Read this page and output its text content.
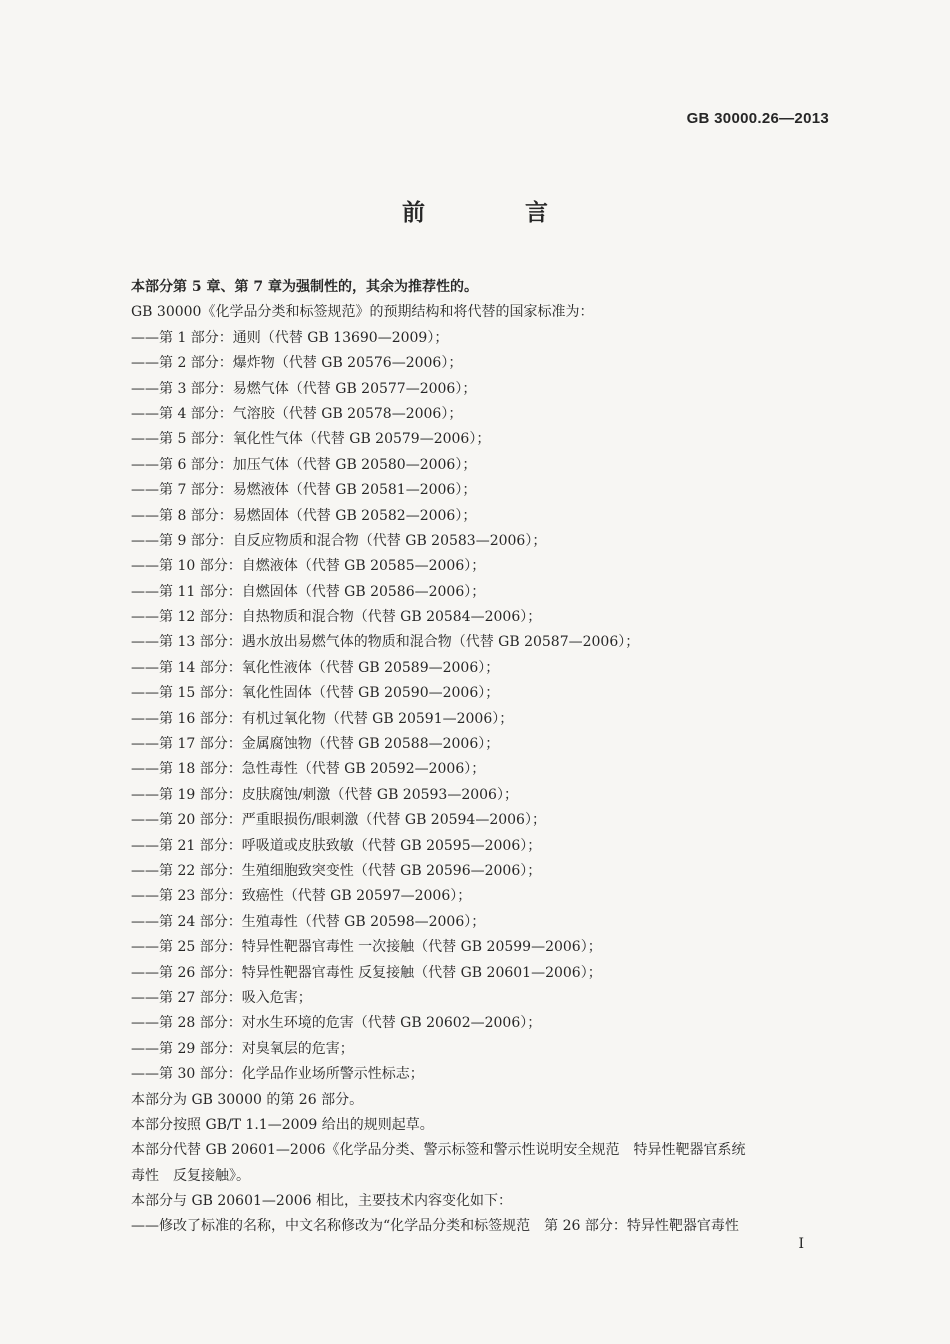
GB 30000.26—2013
前 言
本部分第 5 章、第 7 章为强制性的，其余为推荐性的。
GB 30000《化学品分类和标签规范》的预期结构和将代替的国家标准为：
——第 1 部分：通则（代替 GB 13690—2009）；
——第 2 部分：爆炸物（代替 GB 20576—2006）；
——第 3 部分：易燃气体（代替 GB 20577—2006）；
——第 4 部分：气溶胶（代替 GB 20578—2006）；
——第 5 部分：氧化性气体（代替 GB 20579—2006）；
——第 6 部分：加压气体（代替 GB 20580—2006）；
——第 7 部分：易燃液体（代替 GB 20581—2006）；
——第 8 部分：易燃固体（代替 GB 20582—2006）；
——第 9 部分：自反应物质和混合物（代替 GB 20583—2006）；
——第 10 部分：自燃液体（代替 GB 20585—2006）；
——第 11 部分：自燃固体（代替 GB 20586—2006）；
——第 12 部分：自热物质和混合物（代替 GB 20584—2006）；
——第 13 部分：遇水放出易燃气体的物质和混合物（代替 GB 20587—2006）；
——第 14 部分：氧化性液体（代替 GB 20589—2006）；
——第 15 部分：氧化性固体（代替 GB 20590—2006）；
——第 16 部分：有机过氧化物（代替 GB 20591—2006）；
——第 17 部分：金属腐蚀物（代替 GB 20588—2006）；
——第 18 部分：急性毒性（代替 GB 20592—2006）；
——第 19 部分：皮肤腐蚀/刺激（代替 GB 20593—2006）；
——第 20 部分：严重眼损伤/眼刺激（代替 GB 20594—2006）；
——第 21 部分：呼吸道或皮肤致敏（代替 GB 20595—2006）；
——第 22 部分：生殖细胞致突变性（代替 GB 20596—2006）；
——第 23 部分：致癌性（代替 GB 20597—2006）；
——第 24 部分：生殖毒性（代替 GB 20598—2006）；
——第 25 部分：特异性靶器官毒性 一次接触（代替 GB 20599—2006）；
——第 26 部分：特异性靶器官毒性 反复接触（代替 GB 20601—2006）；
——第 27 部分：吸入危害；
——第 28 部分：对水生环境的危害（代替 GB 20602—2006）；
——第 29 部分：对臭氧层的危害；
——第 30 部分：化学品作业场所警示性标志；
本部分为 GB 30000 的第 26 部分。
本部分按照 GB/T 1.1—2009 给出的规则起草。
本部分代替 GB 20601—2006《化学品分类、警示标签和警示性说明安全规范　特异性靶器官系统
毒性　反复接触》。
本部分与 GB 20601—2006 相比，主要技术内容变化如下：
——修改了标准的名称，中文名称修改为“化学品分类和标签规范　第 26 部分：特异性靶器官毒性
I
